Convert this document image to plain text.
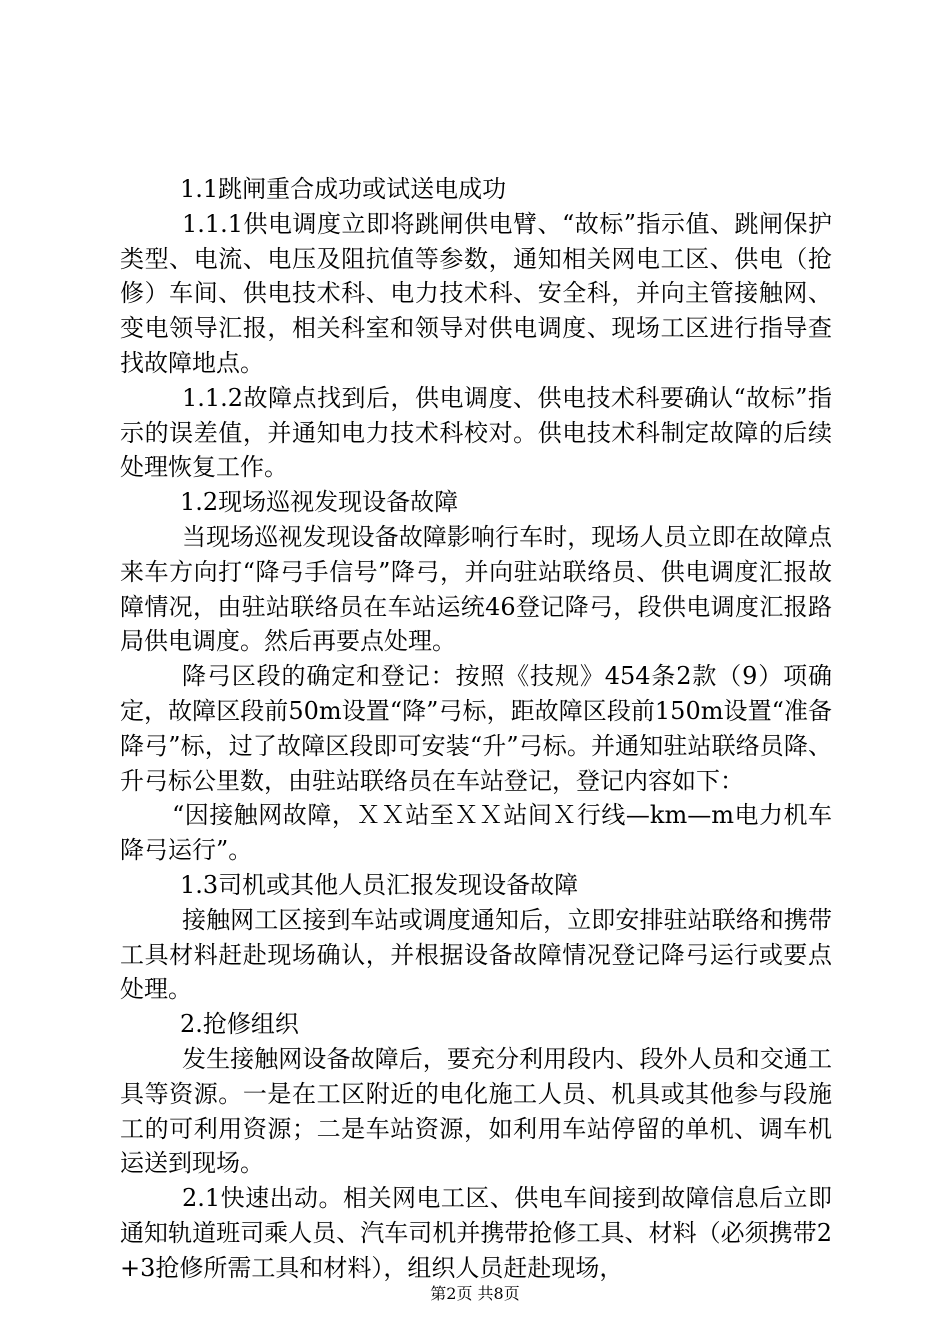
1.1跳闸重合成功或试送电成功

1.1.1供电调度立即将跳闸供电臂、“故标”指示值、跳闸保护类型、电流、电压及阻抗值等参数，通知相关网电工区、供电（抢修）车间、供电技术科、电力技术科、安全科，并向主管接触网、变电领导汇报，相关科室和领导对供电调度、现场工区进行指导查找故障地点。

1.1.2故障点找到后，供电调度、供电技术科要确认“故标”指示的误差值，并通知电力技术科校对。供电技术科制定故障的后续处理恢复工作。

1.2现场巡视发现设备故障

当现场巡视发现设备故障影响行车时，现场人员立即在故障点来车方向打“降弓手信号”降弓，并向驻站联络员、供电调度汇报故障情况，由驻站联络员在车站运统46登记降弓，段供电调度汇报路局供电调度。然后再要点处理。

降弓区段的确定和登记：按照《技规》454条2款（9）项确定，故障区段前50m设置“降”弓标，距故障区段前150m设置“准备降弓”标，过了故障区段即可安装“升”弓标。并通知驻站联络员降、升弓标公里数，由驻站联络员在车站登记，登记内容如下：

“因接触网故障，ＸＸ站至ＸＸ站间Ｘ行线—km—m电力机车降弓运行”。

1.3司机或其他人员汇报发现设备故障

接触网工区接到车站或调度通知后，立即安排驻站联络和携带工具材料赶赴现场确认，并根据设备故障情况登记降弓运行或要点处理。

2.抢修组织

发生接触网设备故障后，要充分利用段内、段外人员和交通工具等资源。一是在工区附近的电化施工人员、机具或其他参与段施工的可利用资源；二是车站资源，如利用车站停留的单机、调车机运送到现场。

2.1快速出动。相关网电工区、供电车间接到故障信息后立即通知轨道班司乘人员、汽车司机并携带抢修工具、材料（必须携带2+3抢修所需工具和材料），组织人员赶赴现场，

第2页 共8页
